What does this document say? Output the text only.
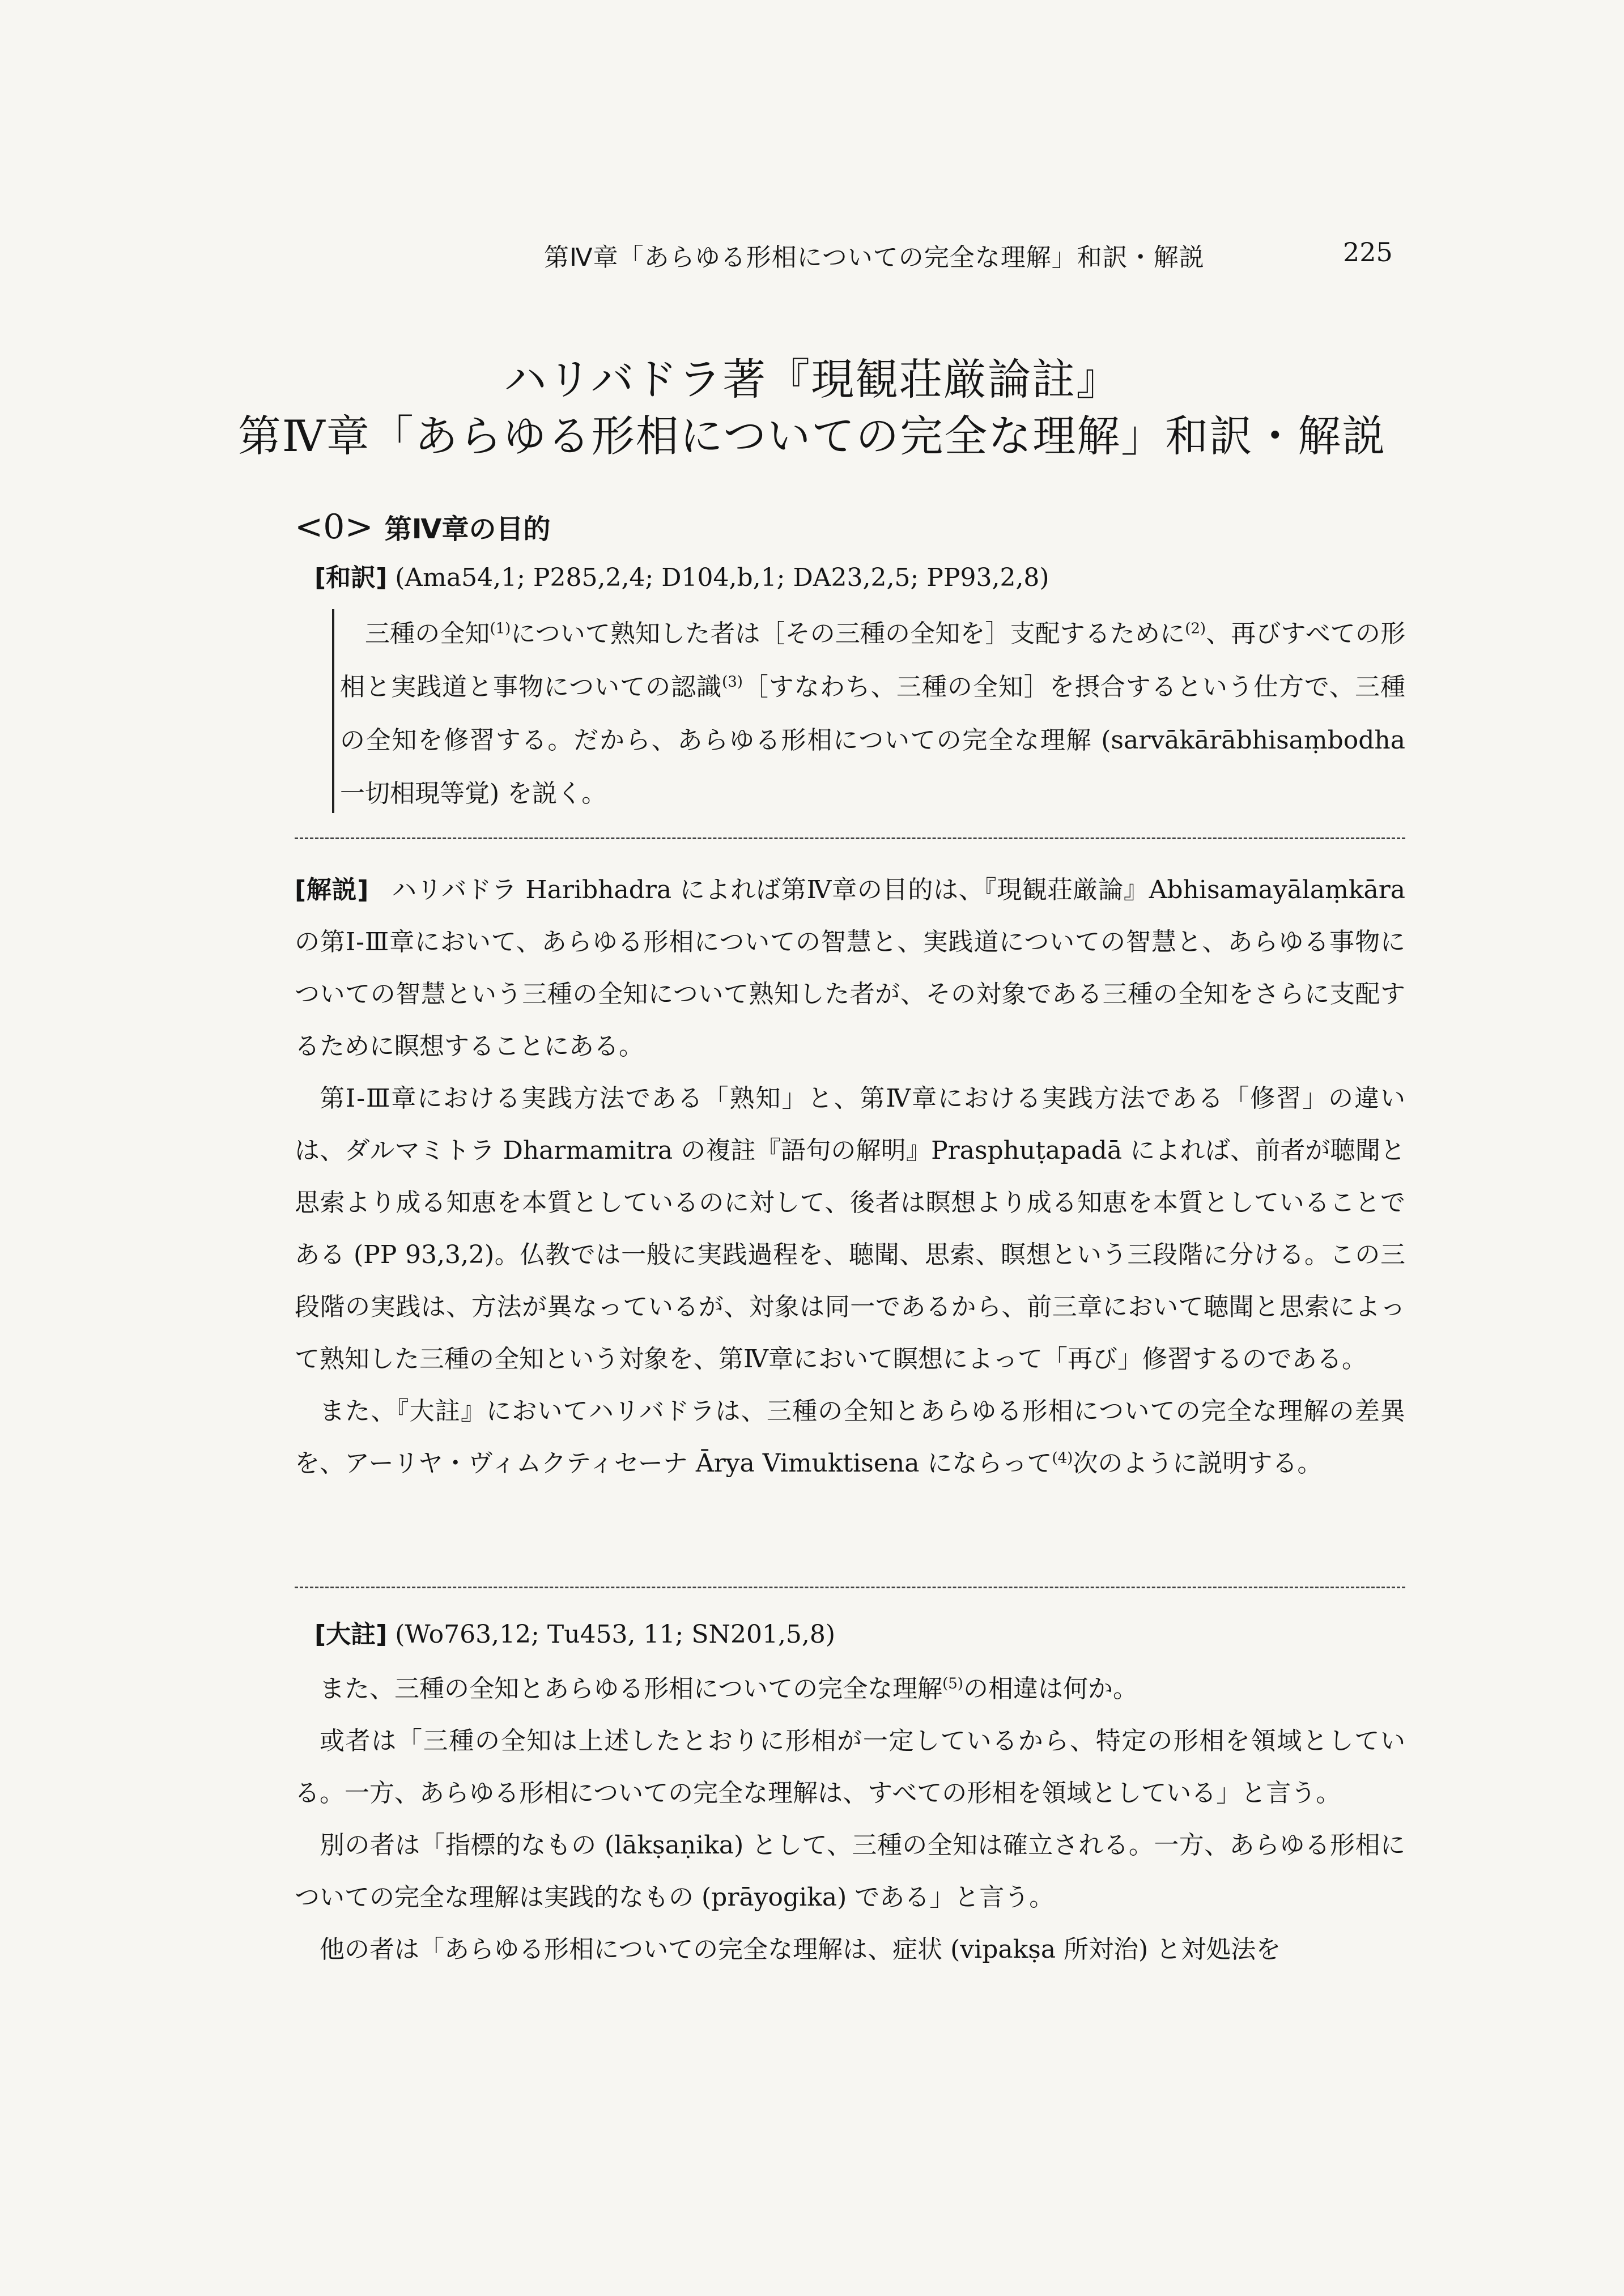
第Ⅳ章「あらゆる形相についての完全な理解」和訳・解説	225
ハリバドラ著『現観荘厳論註』
第Ⅳ章「あらゆる形相についての完全な理解」和訳・解説
<0> 第Ⅳ章の目的
[和訳] (Ama54,1; P285,2,4; D104,b,1; DA23,2,5; PP93,2,8)

三種の全知$^{(1)}$について熟知した者は［その三種の全知を］支配するために$^{(2)}$、再びすべての形相と実践道と事物についての認識$^{(3)}$［すなわち、三種の全知］を摂合するという仕方で、三種の全知を修習する。だから、あらゆる形相についての完全な理解 (sarvākārābhisaṃbodha 一切相現等覚) を説く。

[解説] ハリバドラ Haribhadra によれば第Ⅳ章の目的は、『現観荘厳論』Abhisamayālaṃkāra の第Ⅰ-Ⅲ章において、あらゆる形相についての智慧と、実践道についての智慧と、あらゆる事物についての智慧という三種の全知について熟知した者が、その対象である三種の全知をさらに支配するために瞑想することにある。

第Ⅰ-Ⅲ章における実践方法である「熟知」と、第Ⅳ章における実践方法である「修習」の違いは、ダルマミトラ Dharmamitra の複註『語句の解明』Prasphuṭapadā によれば、前者が聴聞と思索より成る知恵を本質としているのに対して、後者は瞑想より成る知恵を本質としていることである (PP 93,3,2)。仏教では一般に実践過程を、聴聞、思索、瞑想という三段階に分ける。この三段階の実践は、方法が異なっているが、対象は同一であるから、前三章において聴聞と思索によって熟知した三種の全知という対象を、第Ⅳ章において瞑想によって「再び」修習するのである。

また、『大註』においてハリバドラは、三種の全知とあらゆる形相についての完全な理解の差異を、アーリヤ・ヴィムクティセーナ Ārya Vimuktisena にならって$^{(4)}$次のように説明する。

[大註] (Wo763,12; Tu453, 11; SN201,5,8)

また、三種の全知とあらゆる形相についての完全な理解$^{(5)}$の相違は何か。

或者は「三種の全知は上述したとおりに形相が一定しているから、特定の形相を領域としている。一方、あらゆる形相についての完全な理解は、すべての形相を領域としている」と言う。

別の者は「指標的なもの (lākṣaṇika) として、三種の全知は確立される。一方、あらゆる形相についての完全な理解は実践的なもの (prāyogika) である」と言う。

他の者は「あらゆる形相についての完全な理解は、症状 (vipakṣa 所対治) と対処法を
